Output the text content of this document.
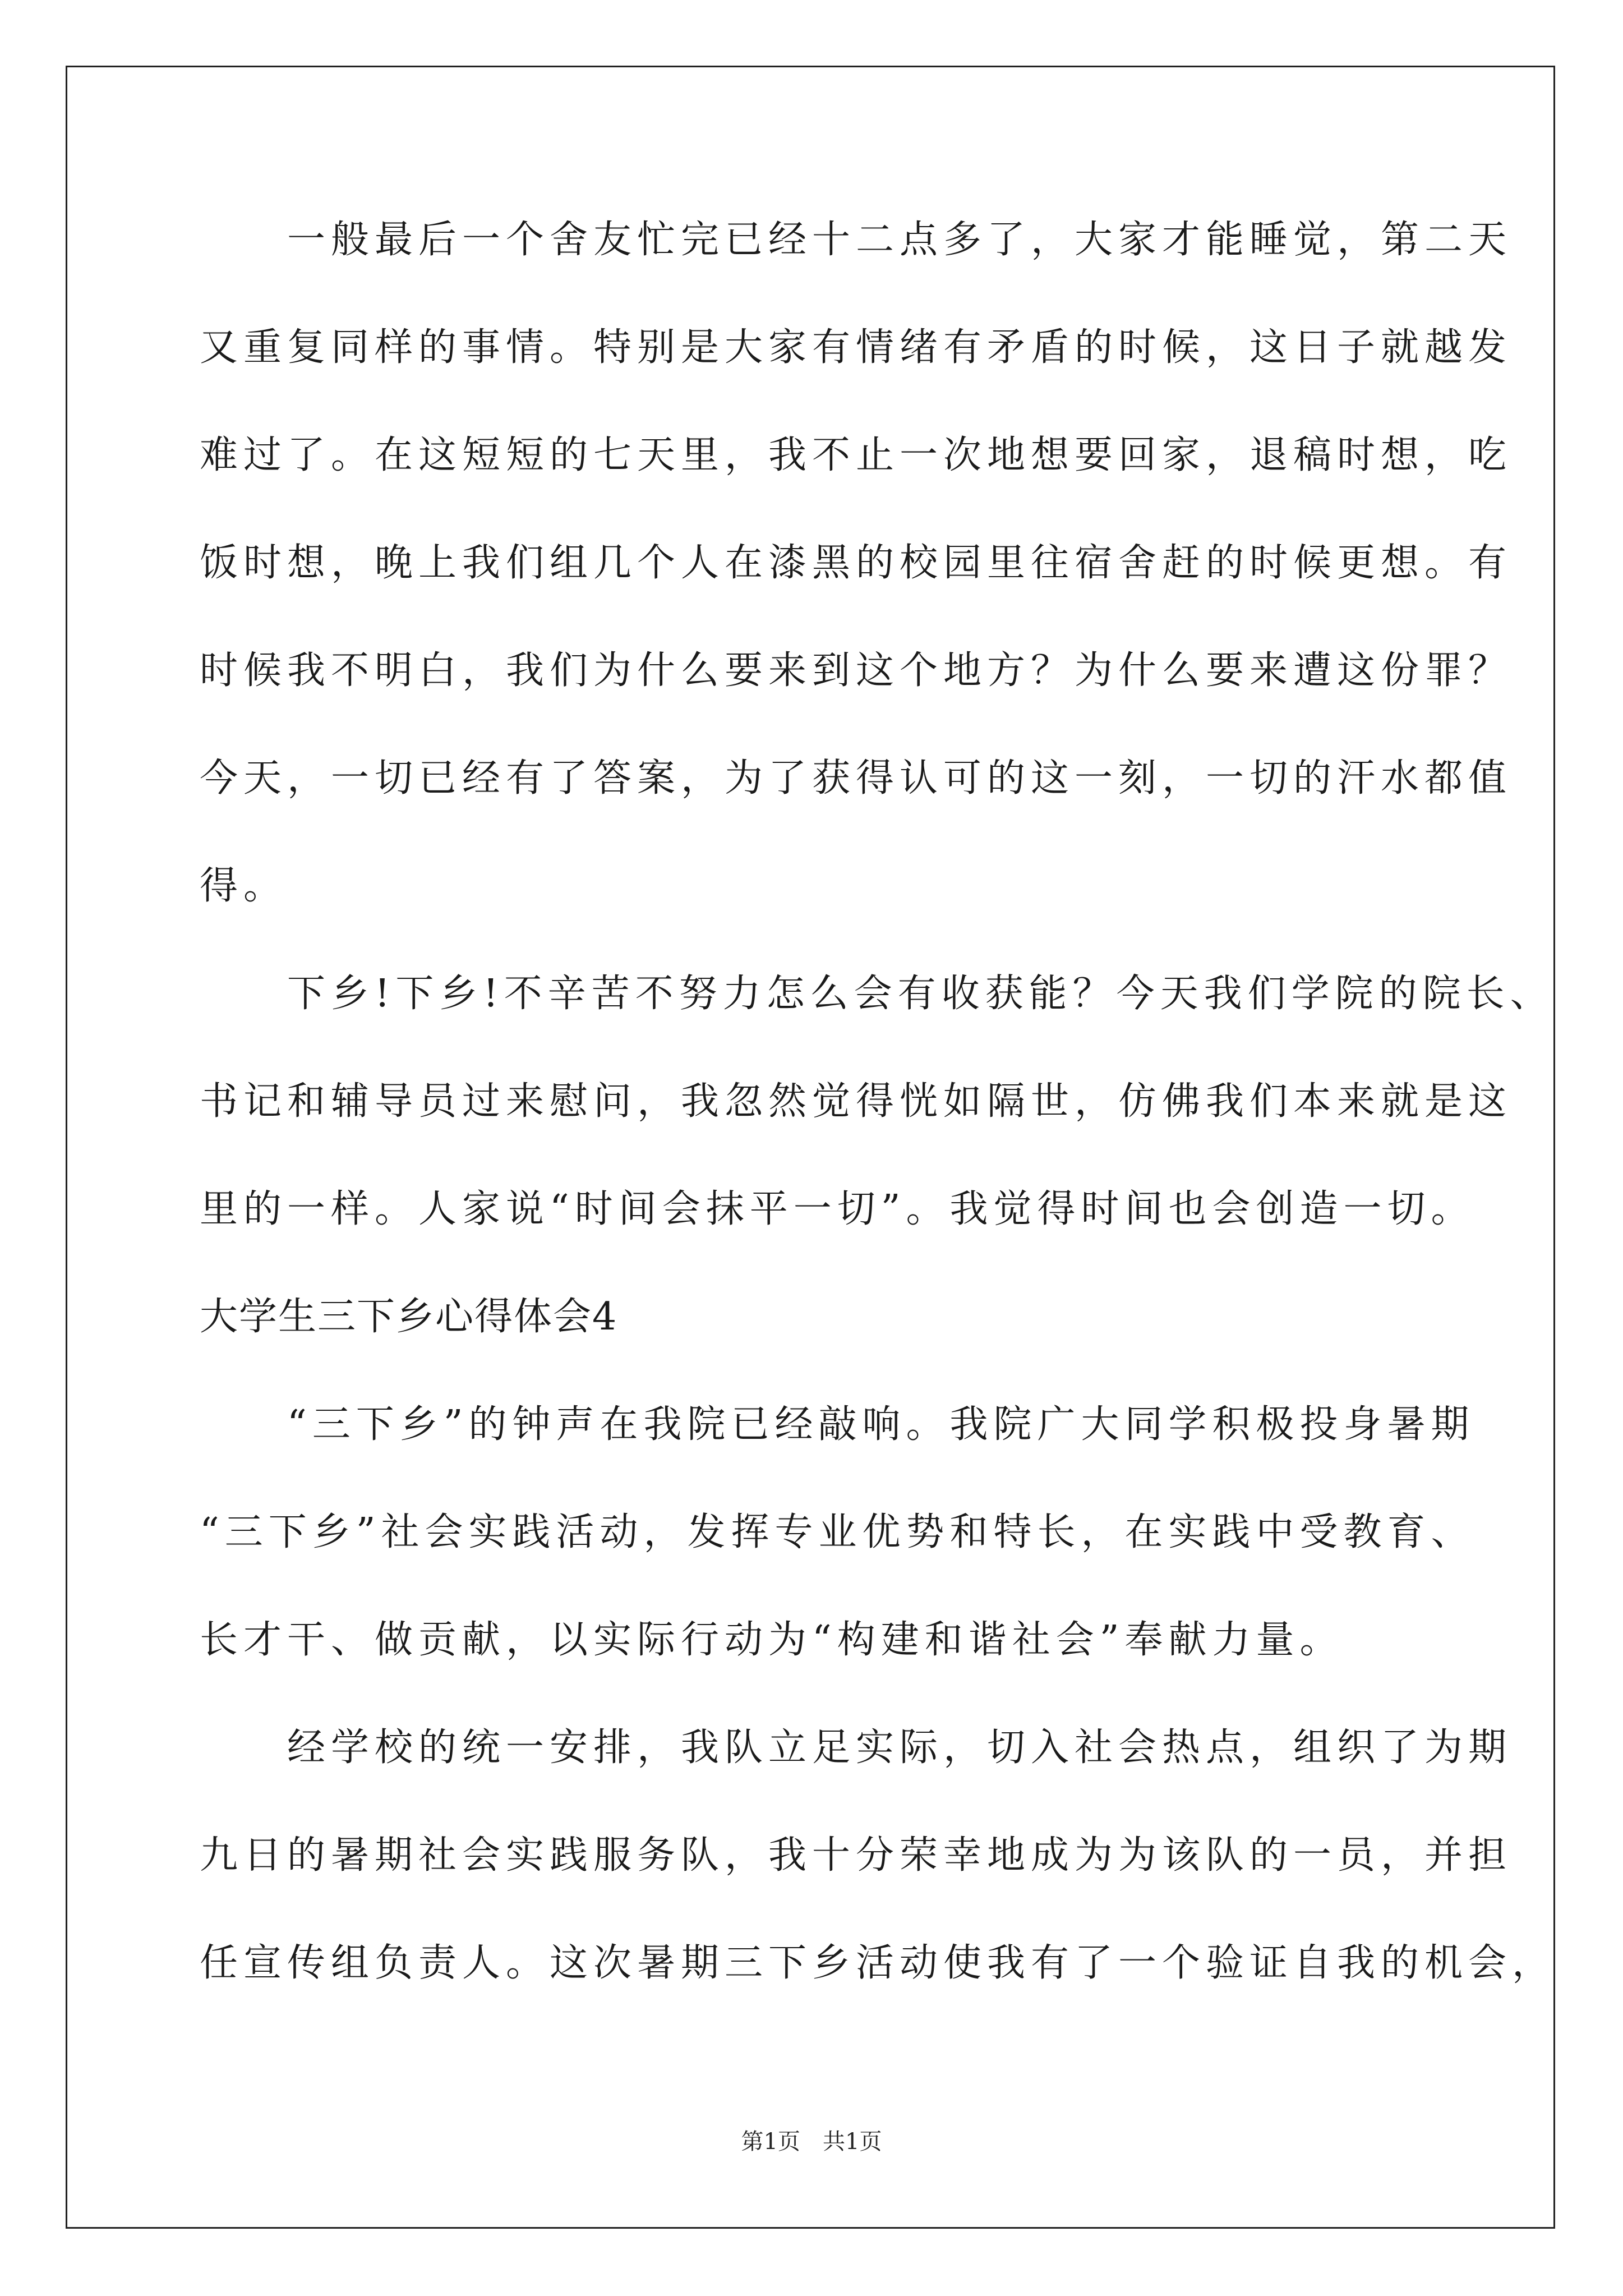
　　一般最后一个舍友忙完已经十二点多了，大家才能睡觉，第二天
又重复同样的事情。特别是大家有情绪有矛盾的时候，这日子就越发
难过了。在这短短的七天里，我不止一次地想要回家，退稿时想，吃
饭时想，晚上我们组几个人在漆黑的校园里往宿舍赶的时候更想。有
时候我不明白，我们为什么要来到这个地方？为什么要来遭这份罪？
今天，一切已经有了答案，为了获得认可的这一刻，一切的汗水都值
得。
　　下乡!下乡!不辛苦不努力怎么会有收获能？今天我们学院的院长、
书记和辅导员过来慰问，我忽然觉得恍如隔世，仿佛我们本来就是这
里的一样。人家说“时间会抹平一切”。我觉得时间也会创造一切。
大学生三下乡心得体会4
　　“三下乡”的钟声在我院已经敲响。我院广大同学积极投身暑期
“三下乡”社会实践活动，发挥专业优势和特长，在实践中受教育、
长才干、做贡献，以实际行动为“构建和谐社会”奉献力量。
　　经学校的统一安排，我队立足实际，切入社会热点，组织了为期
九日的暑期社会实践服务队，我十分荣幸地成为为该队的一员，并担
任宣传组负责人。这次暑期三下乡活动使我有了一个验证自我的机会，
第1页　共1页
